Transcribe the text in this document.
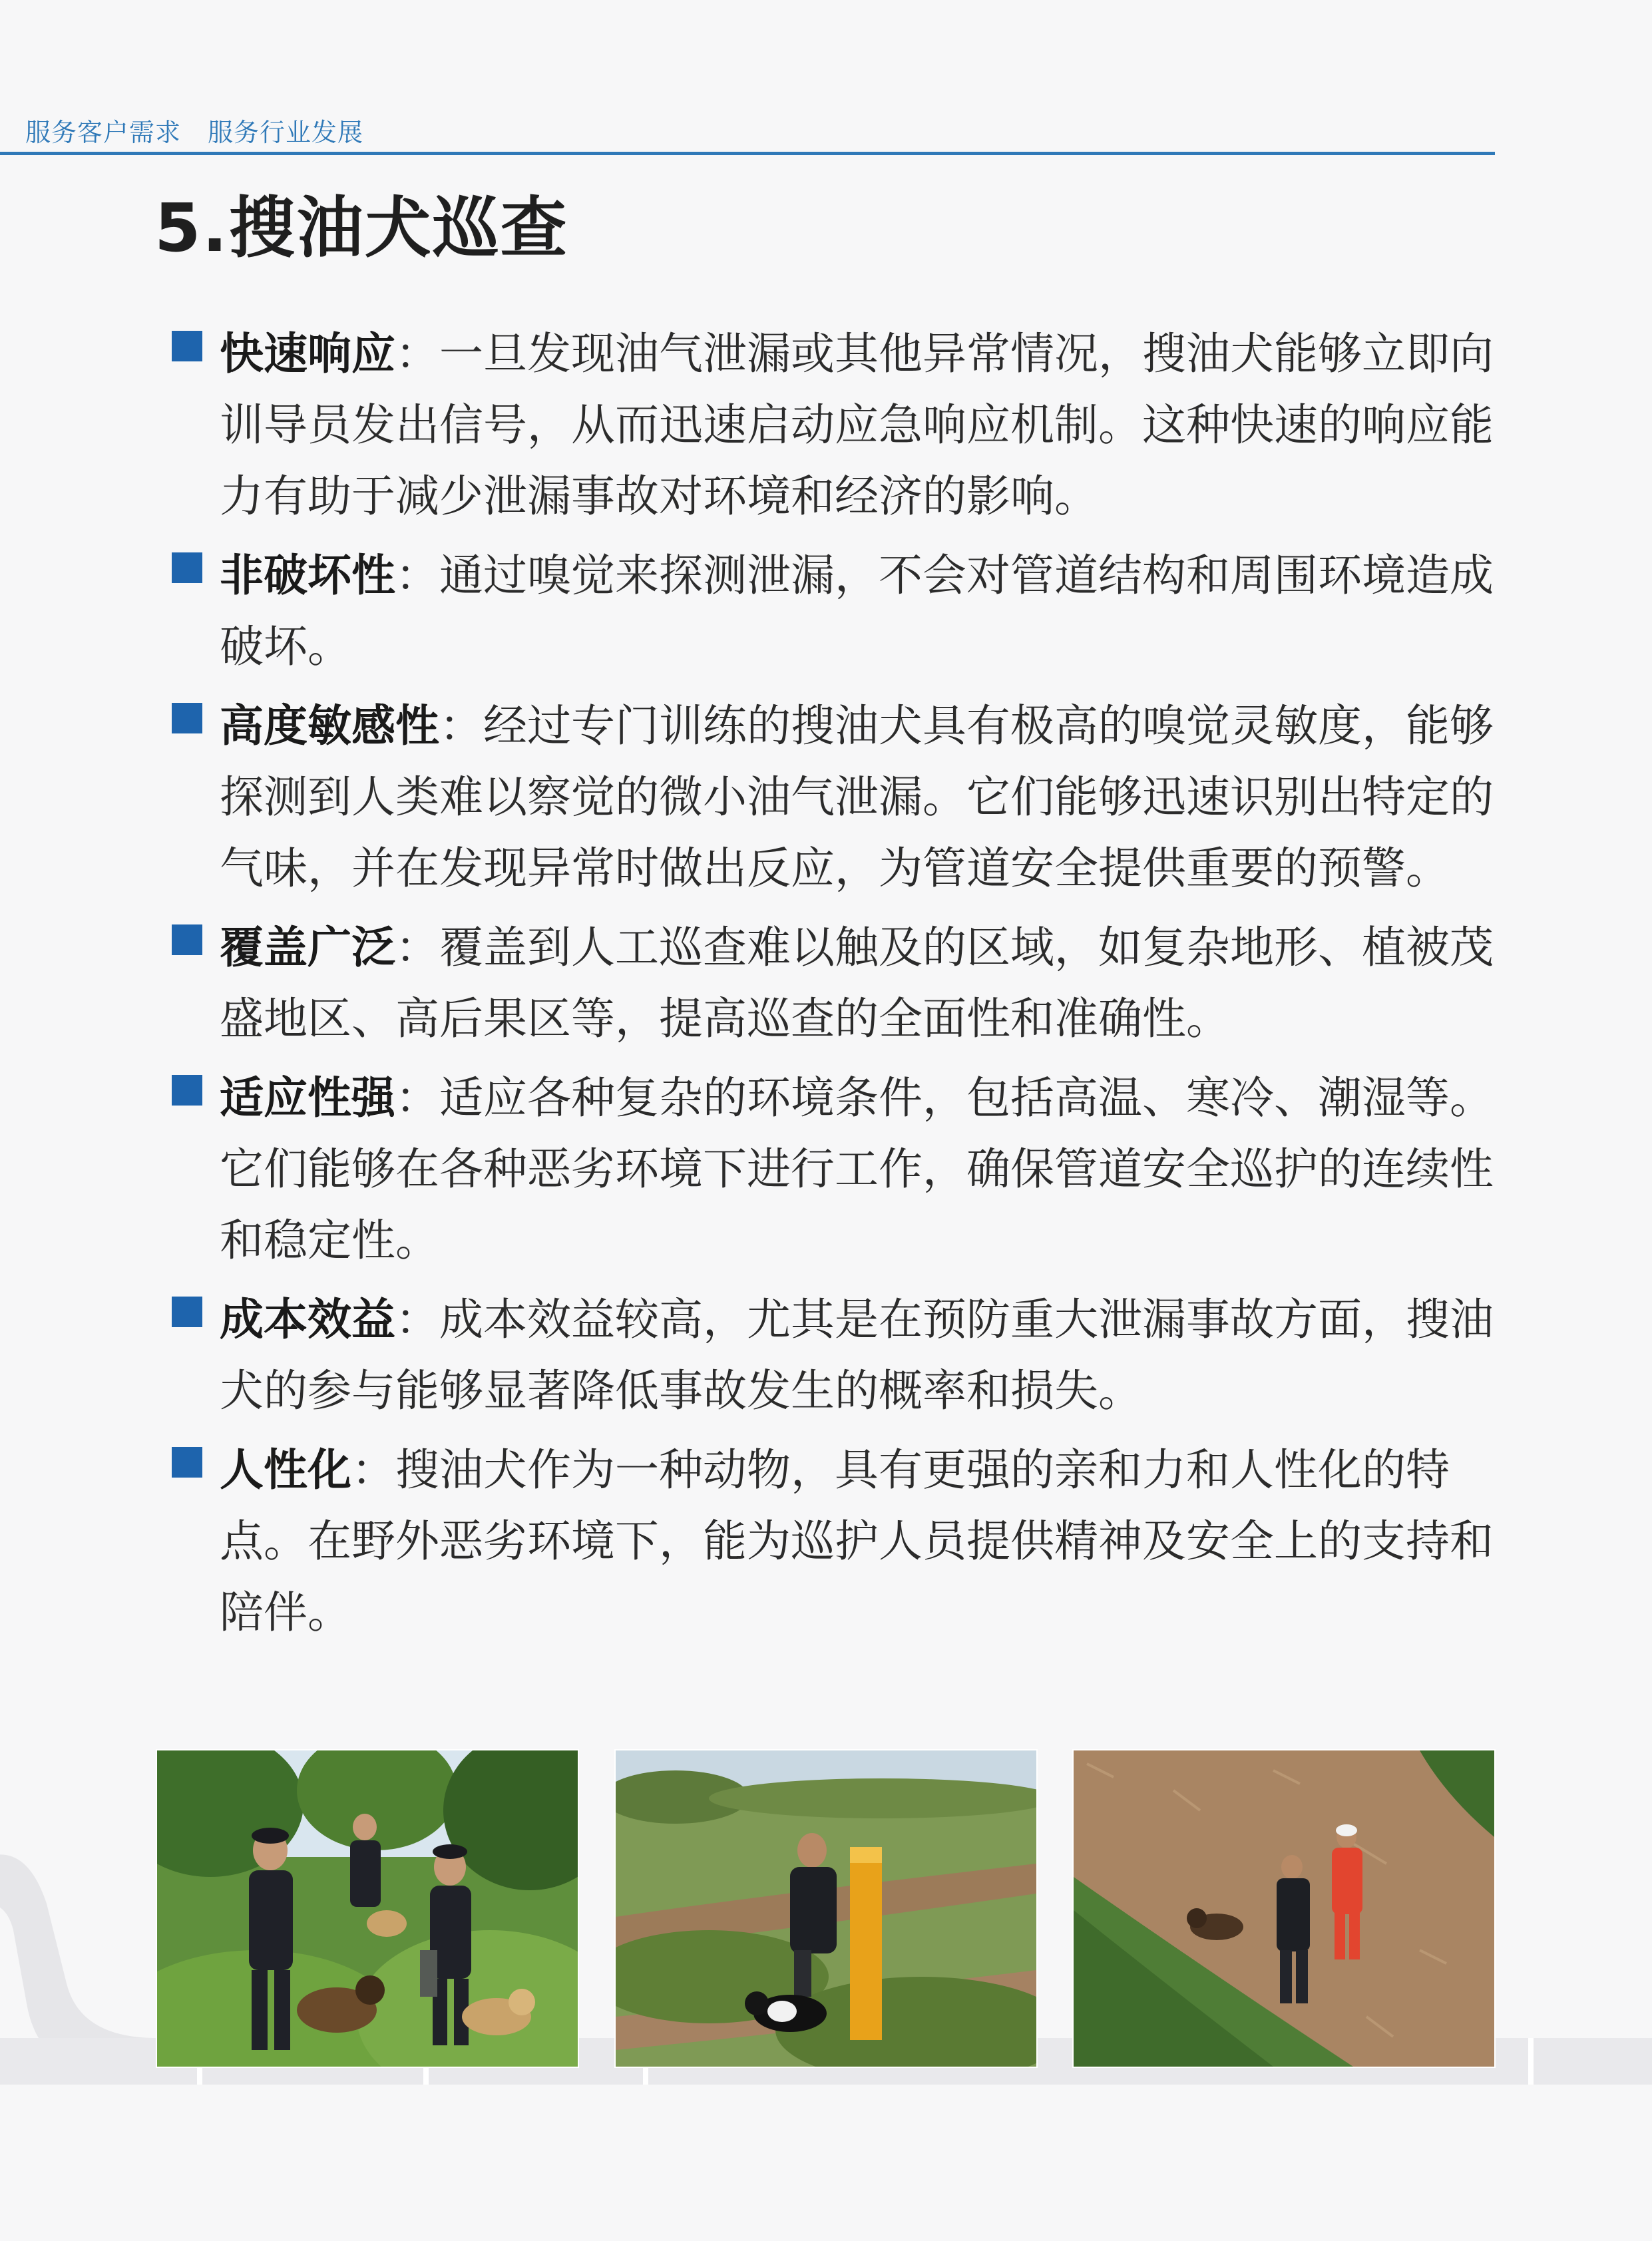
服务客户需求 服务行业发展
5.搜油犬巡查
快速响应：一旦发现油气泄漏或其他异常情况，搜油犬能够立即向训导员发出信号，从而迅速启动应急响应机制。这种快速的响应能力有助于减少泄漏事故对环境和经济的影响。
非破坏性：通过嗅觉来探测泄漏，不会对管道结构和周围环境造成破坏。
高度敏感性：经过专门训练的搜油犬具有极高的嗅觉灵敏度，能够探测到人类难以察觉的微小油气泄漏。它们能够迅速识别出特定的气味，并在发现异常时做出反应，为管道安全提供重要的预警。
覆盖广泛：覆盖到人工巡查难以触及的区域，如复杂地形、植被茂盛地区、高后果区等，提高巡查的全面性和准确性。
适应性强：适应各种复杂的环境条件，包括高温、寒冷、潮湿等。它们能够在各种恶劣环境下进行工作，确保管道安全巡护的连续性和稳定性。
成本效益：成本效益较高，尤其是在预防重大泄漏事故方面，搜油犬的参与能够显著降低事故发生的概率和损失。
人性化：搜油犬作为一种动物，具有更强的亲和力和人性化的特点。在野外恶劣环境下，能为巡护人员提供精神及安全上的支持和陪伴。
